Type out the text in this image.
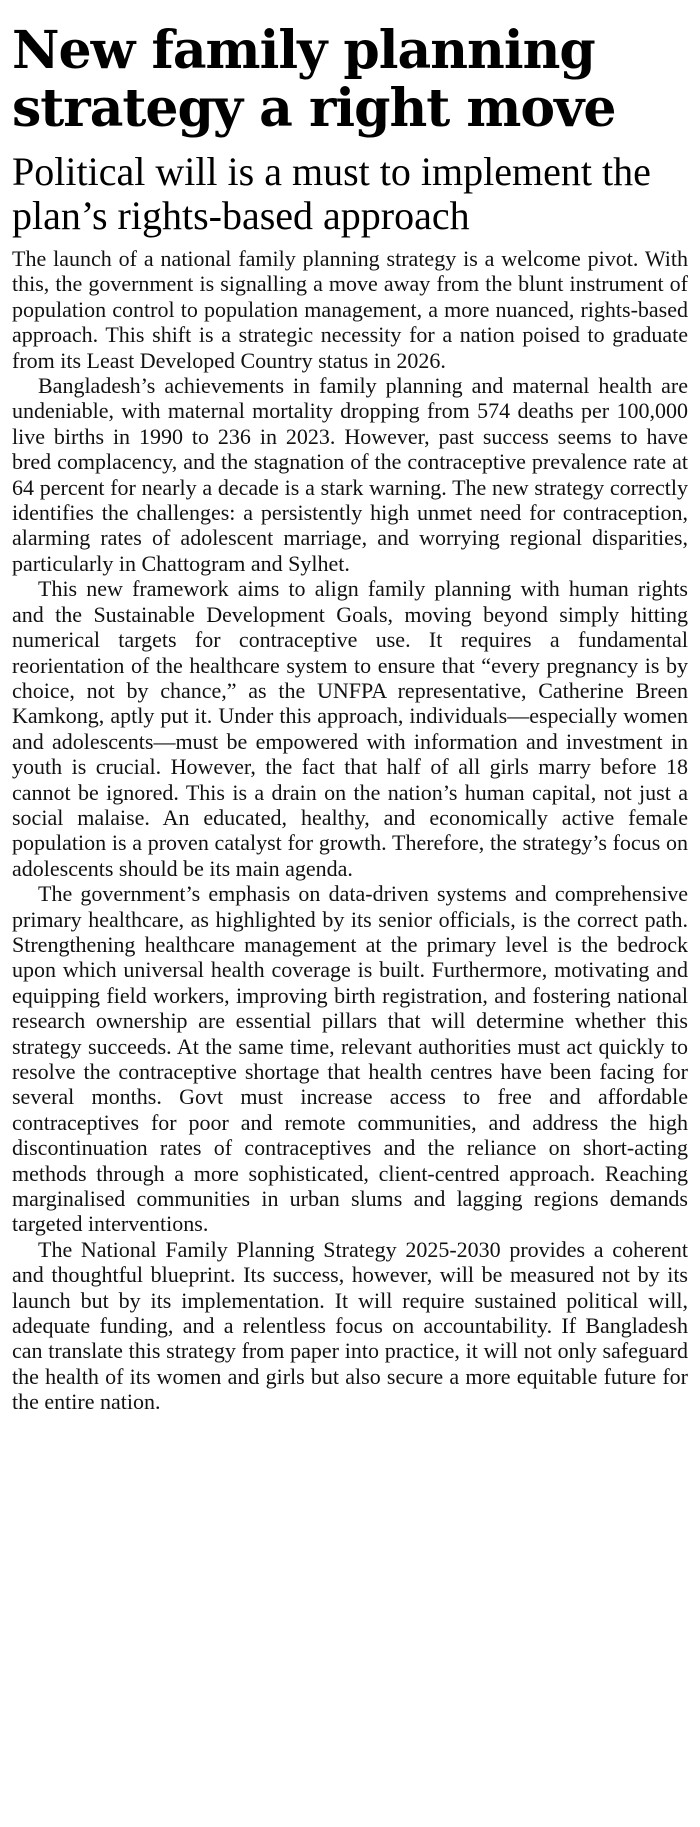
New family planning strategy a right move
Political will is a must to implement the plan’s rights-based approach

The launch of a national family planning strategy is a welcome pivot. With this, the government is signalling a move away from the blunt instrument of population control to population management, a more nuanced, rights-based approach. This shift is a strategic necessity for a nation poised to graduate from its Least Developed Country status in 2026.

Bangladesh’s achievements in family planning and maternal health are undeniable, with maternal mortality dropping from 574 deaths per 100,000 live births in 1990 to 236 in 2023. However, past success seems to have bred complacency, and the stagnation of the contraceptive prevalence rate at 64 percent for nearly a decade is a stark warning. The new strategy correctly identifies the challenges: a persistently high unmet need for contraception, alarming rates of adolescent marriage, and worrying regional disparities, particularly in Chattogram and Sylhet.

This new framework aims to align family planning with human rights and the Sustainable Development Goals, moving beyond simply hitting numerical targets for contraceptive use. It requires a fundamental reorientation of the healthcare system to ensure that “every pregnancy is by choice, not by chance,” as the UNFPA representative, Catherine Breen Kamkong, aptly put it. Under this approach, individuals—especially women and adolescents—must be empowered with information and investment in youth is crucial. However, the fact that half of all girls marry before 18 cannot be ignored. This is a drain on the nation’s human capital, not just a social malaise. An educated, healthy, and economically active female population is a proven catalyst for growth. Therefore, the strategy’s focus on adolescents should be its main agenda.

The government’s emphasis on data-driven systems and comprehensive primary healthcare, as highlighted by its senior officials, is the correct path. Strengthening healthcare management at the primary level is the bedrock upon which universal health coverage is built. Furthermore, motivating and equipping field workers, improving birth registration, and fostering national research ownership are essential pillars that will determine whether this strategy succeeds. At the same time, relevant authorities must act quickly to resolve the contraceptive shortage that health centres have been facing for several months. Govt must increase access to free and affordable contraceptives for poor and remote communities, and address the high discontinuation rates of contraceptives and the reliance on short-acting methods through a more sophisticated, client-centred approach. Reaching marginalised communities in urban slums and lagging regions demands targeted interventions.

The National Family Planning Strategy 2025-2030 provides a coherent and thoughtful blueprint. Its success, however, will be measured not by its launch but by its implementation. It will require sustained political will, adequate funding, and a relentless focus on accountability. If Bangladesh can translate this strategy from paper into practice, it will not only safeguard the health of its women and girls but also secure a more equitable future for the entire nation.
